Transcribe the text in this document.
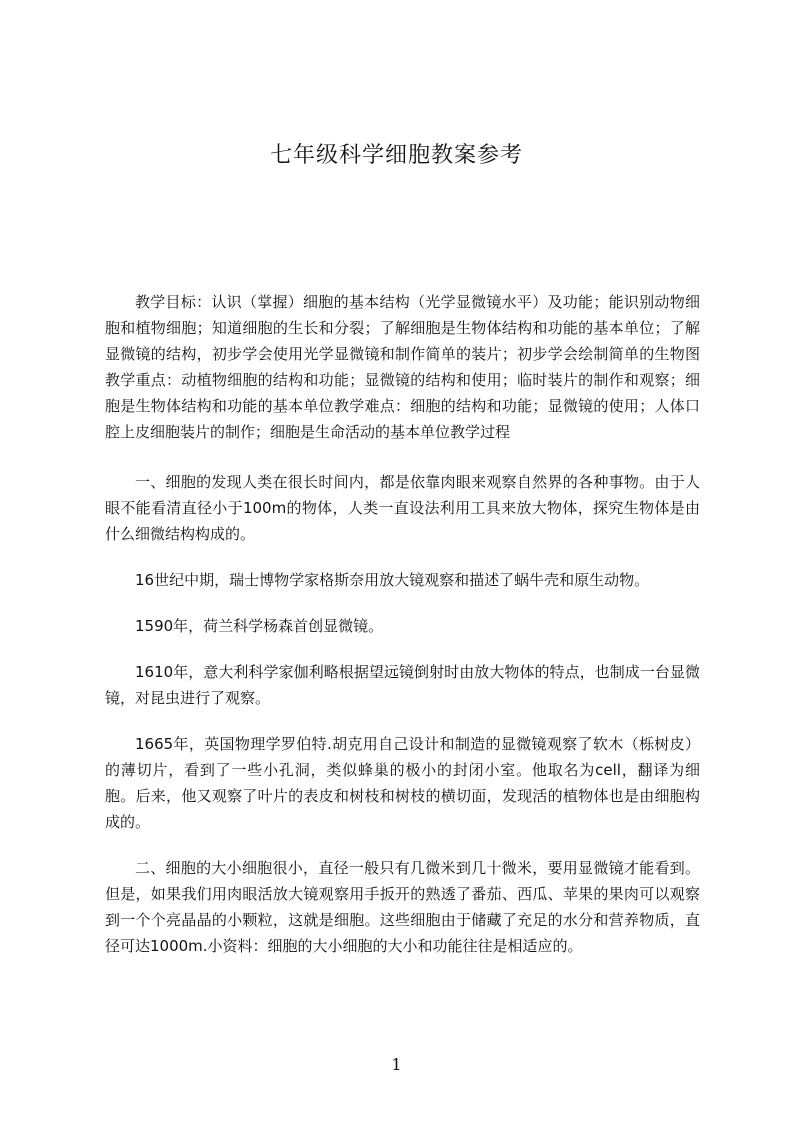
七年级科学细胞教案参考

教学目标：认识（掌握）细胞的基本结构（光学显微镜水平）及功能；能识别动物细胞和植物细胞；知道细胞的生长和分裂；了解细胞是生物体结构和功能的基本单位；了解显微镜的结构，初步学会使用光学显微镜和制作简单的装片；初步学会绘制简单的生物图教学重点：动植物细胞的结构和功能；显微镜的结构和使用；临时装片的制作和观察；细胞是生物体结构和功能的基本单位教学难点：细胞的结构和功能；显微镜的使用；人体口腔上皮细胞装片的制作；细胞是生命活动的基本单位教学过程

一、细胞的发现人类在很长时间内，都是依靠肉眼来观察自然界的各种事物。由于人眼不能看清直径小于100m的物体，人类一直设法利用工具来放大物体，探究生物体是由什么细微结构构成的。

16世纪中期，瑞士博物学家格斯奈用放大镜观察和描述了蜗牛壳和原生动物。

1590年，荷兰科学杨森首创显微镜。

1610年，意大利科学家伽利略根据望远镜倒射时由放大物体的特点，也制成一台显微镜，对昆虫进行了观察。

1665年，英国物理学罗伯特.胡克用自己设计和制造的显微镜观察了软木（栎树皮）的薄切片，看到了一些小孔洞，类似蜂巢的极小的封闭小室。他取名为cell，翻译为细胞。后来，他又观察了叶片的表皮和树枝和树枝的横切面，发现活的植物体也是由细胞构成的。

二、细胞的大小细胞很小，直径一般只有几微米到几十微米，要用显微镜才能看到。但是，如果我们用肉眼活放大镜观察用手扳开的熟透了番茄、西瓜、苹果的果肉可以观察到一个个亮晶晶的小颗粒，这就是细胞。这些细胞由于储藏了充足的水分和营养物质，直径可达1000m.小资料：细胞的大小细胞的大小和功能往往是相适应的。

1
